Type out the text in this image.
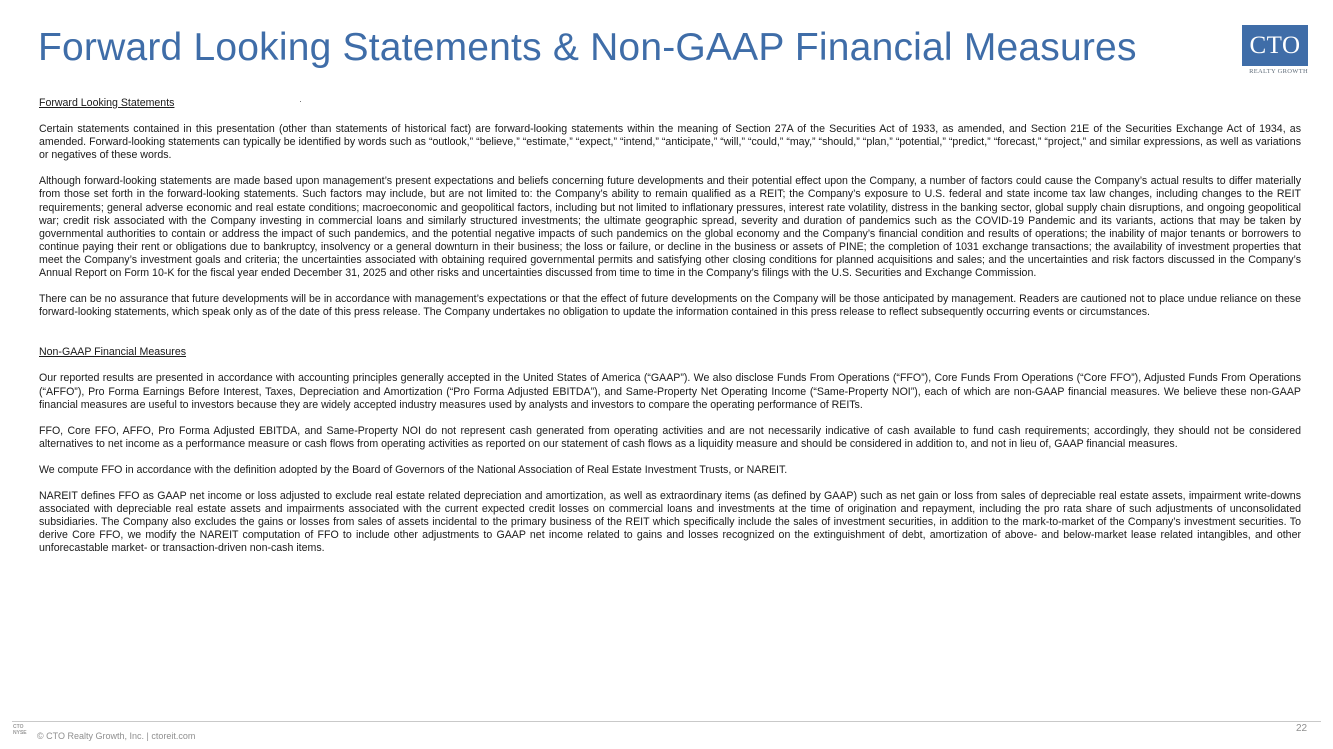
Forward Looking Statements & Non-GAAP Financial Measures	CTO
REALTY GROWTH

Forward Looking Statements

Certain statements contained in this presentation (other than statements of historical fact) are forward-looking statements within the meaning of Section 27A of the Securities Act of 1933, as amended, and Section 21E of the Securities Exchange Act of 1934, as amended. Forward-looking statements can typically be identified by words such as “outlook,” “believe,” “estimate,” “expect,” “intend,” “anticipate,” “will,” “could,” “may,” “should,” “plan,” “potential,” “predict,” “forecast,” “project,” and similar expressions, as well as variations or negatives of these words.

Although forward-looking statements are made based upon management’s present expectations and beliefs concerning future developments and their potential effect upon the Company, a number of factors could cause the Company’s actual results to differ materially from those set forth in the forward-looking statements. Such factors may include, but are not limited to: the Company’s ability to remain qualified as a REIT; the Company’s exposure to U.S. federal and state income tax law changes, including changes to the REIT requirements; general adverse economic and real estate conditions; macroeconomic and geopolitical factors, including but not limited to inflationary pressures, interest rate volatility, distress in the banking sector, global supply chain disruptions, and ongoing geopolitical war; credit risk associated with the Company investing in commercial loans and similarly structured investments; the ultimate geographic spread, severity and duration of pandemics such as the COVID-19 Pandemic and its variants, actions that may be taken by governmental authorities to contain or address the impact of such pandemics, and the potential negative impacts of such pandemics on the global economy and the Company’s financial condition and results of operations; the inability of major tenants or borrowers to continue paying their rent or obligations due to bankruptcy, insolvency or a general downturn in their business; the loss or failure, or decline in the business or assets of PINE; the completion of 1031 exchange transactions; the availability of investment properties that meet the Company’s investment goals and criteria; the uncertainties associated with obtaining required governmental permits and satisfying other closing conditions for planned acquisitions and sales; and the uncertainties and risk factors discussed in the Company’s Annual Report on Form 10-K for the fiscal year ended December 31, 2025 and other risks and uncertainties discussed from time to time in the Company’s filings with the U.S. Securities and Exchange Commission.

There can be no assurance that future developments will be in accordance with management’s expectations or that the effect of future developments on the Company will be those anticipated by management. Readers are cautioned not to place undue reliance on these forward-looking statements, which speak only as of the date of this press release. The Company undertakes no obligation to update the information contained in this press release to reflect subsequently occurring events or circumstances.

Non-GAAP Financial Measures

Our reported results are presented in accordance with accounting principles generally accepted in the United States of America (“GAAP”). We also disclose Funds From Operations (“FFO”), Core Funds From Operations (“Core FFO”), Adjusted Funds From Operations (“AFFO”), Pro Forma Earnings Before Interest, Taxes, Depreciation and Amortization (“Pro Forma Adjusted EBITDA”), and Same-Property Net Operating Income (“Same-Property NOI”), each of which are non-GAAP financial measures. We believe these non-GAAP financial measures are useful to investors because they are widely accepted industry measures used by analysts and investors to compare the operating performance of REITs.

FFO, Core FFO, AFFO, Pro Forma Adjusted EBITDA, and Same-Property NOI do not represent cash generated from operating activities and are not necessarily indicative of cash available to fund cash requirements; accordingly, they should not be considered alternatives to net income as a performance measure or cash flows from operating activities as reported on our statement of cash flows as a liquidity measure and should be considered in addition to, and not in lieu of, GAAP financial measures.

We compute FFO in accordance with the definition adopted by the Board of Governors of the National Association of Real Estate Investment Trusts, or NAREIT.

NAREIT defines FFO as GAAP net income or loss adjusted to exclude real estate related depreciation and amortization, as well as extraordinary items (as defined by GAAP) such as net gain or loss from sales of depreciable real estate assets, impairment write-downs associated with depreciable real estate assets and impairments associated with the current expected credit losses on commercial loans and investments at the time of origination and repayment, including the pro rata share of such adjustments of unconsolidated subsidiaries. The Company also excludes the gains or losses from sales of assets incidental to the primary business of the REIT which specifically include the sales of investment securities, in addition to the mark-to-market of the Company’s investment securities. To derive Core FFO, we modify the NAREIT computation of FFO to include other adjustments to GAAP net income related to gains and losses recognized on the extinguishment of debt, amortization of above- and below-market lease related intangibles, and other unforecastable market- or transaction-driven non-cash items.

CTO NYSE	© CTO Realty Growth, Inc. | ctoreit.com
22
